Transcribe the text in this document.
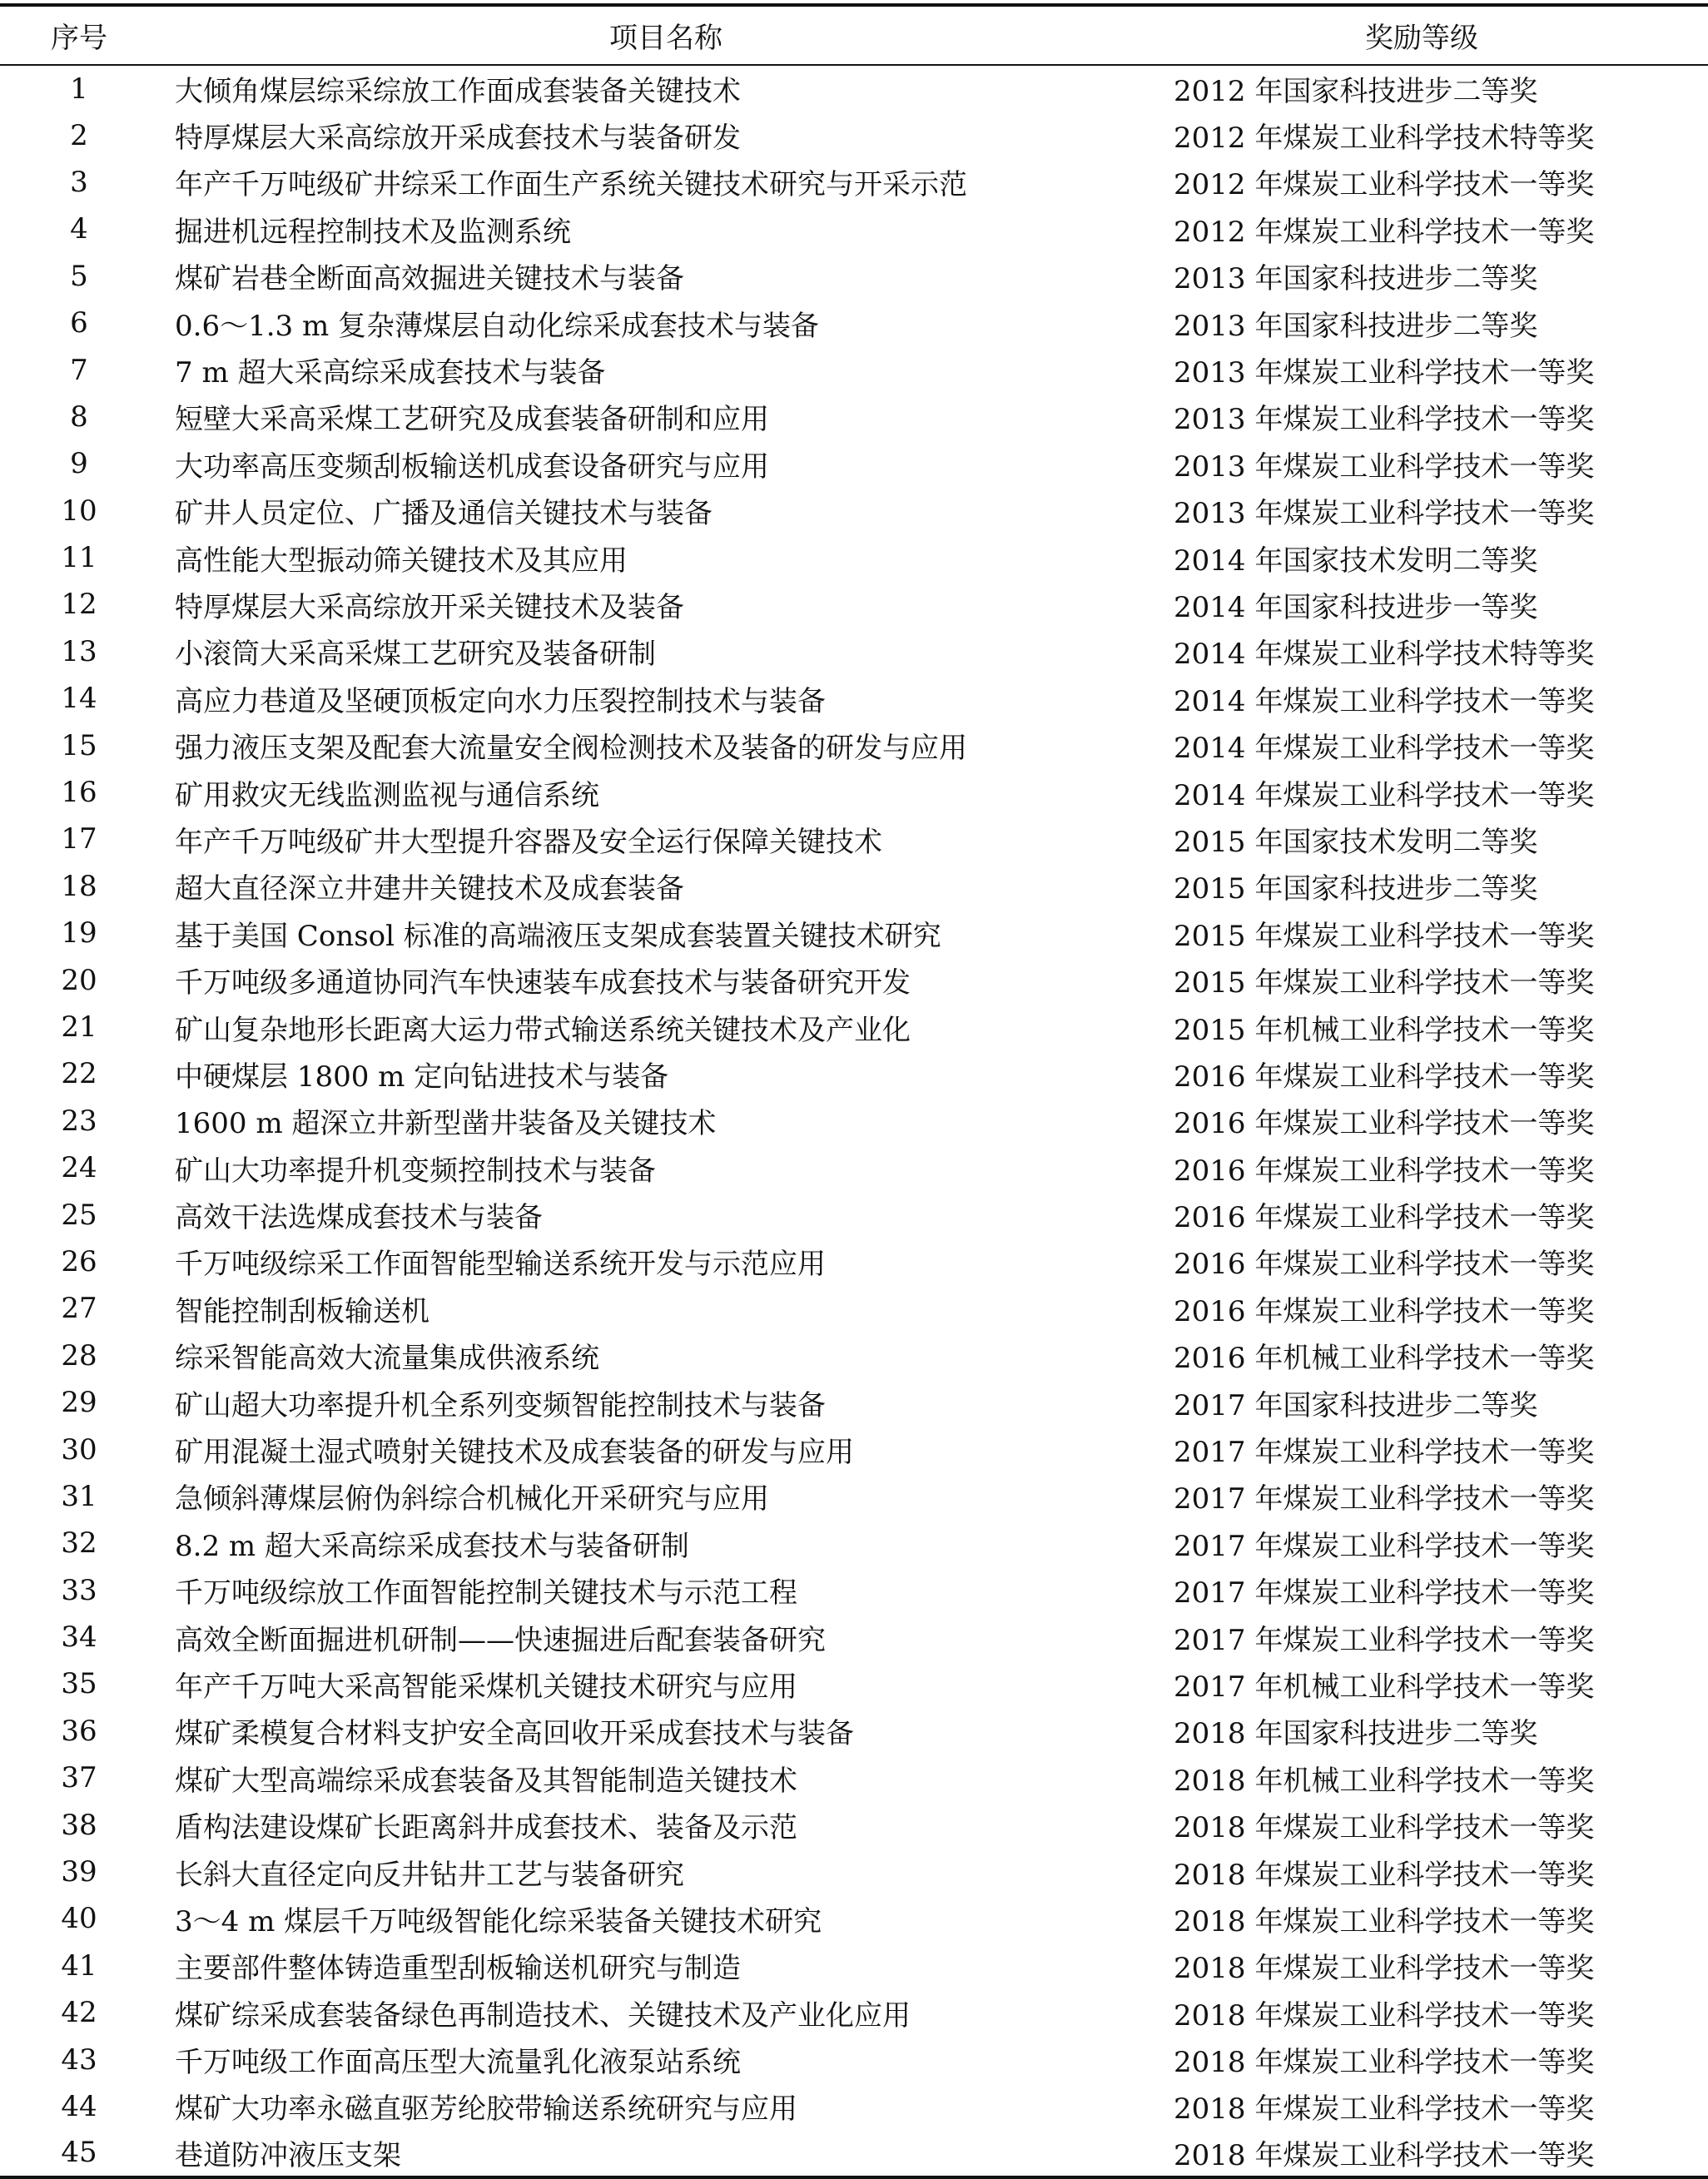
序号	项目名称	奖励等级
1	大倾角煤层综采综放工作面成套装备关键技术	2012 年国家科技进步二等奖
2	特厚煤层大采高综放开采成套技术与装备研发	2012 年煤炭工业科学技术特等奖
3	年产千万吨级矿井综采工作面生产系统关键技术研究与开采示范	2012 年煤炭工业科学技术一等奖
4	掘进机远程控制技术及监测系统	2012 年煤炭工业科学技术一等奖
5	煤矿岩巷全断面高效掘进关键技术与装备	2013 年国家科技进步二等奖
6	0.6～1.3 m 复杂薄煤层自动化综采成套技术与装备	2013 年国家科技进步二等奖
7	7 m 超大采高综采成套技术与装备	2013 年煤炭工业科学技术一等奖
8	短壁大采高采煤工艺研究及成套装备研制和应用	2013 年煤炭工业科学技术一等奖
9	大功率高压变频刮板输送机成套设备研究与应用	2013 年煤炭工业科学技术一等奖
10	矿井人员定位、广播及通信关键技术与装备	2013 年煤炭工业科学技术一等奖
11	高性能大型振动筛关键技术及其应用	2014 年国家技术发明二等奖
12	特厚煤层大采高综放开采关键技术及装备	2014 年国家科技进步一等奖
13	小滚筒大采高采煤工艺研究及装备研制	2014 年煤炭工业科学技术特等奖
14	高应力巷道及坚硬顶板定向水力压裂控制技术与装备	2014 年煤炭工业科学技术一等奖
15	强力液压支架及配套大流量安全阀检测技术及装备的研发与应用	2014 年煤炭工业科学技术一等奖
16	矿用救灾无线监测监视与通信系统	2014 年煤炭工业科学技术一等奖
17	年产千万吨级矿井大型提升容器及安全运行保障关键技术	2015 年国家技术发明二等奖
18	超大直径深立井建井关键技术及成套装备	2015 年国家科技进步二等奖
19	基于美国 Consol 标准的高端液压支架成套装置关键技术研究	2015 年煤炭工业科学技术一等奖
20	千万吨级多通道协同汽车快速装车成套技术与装备研究开发	2015 年煤炭工业科学技术一等奖
21	矿山复杂地形长距离大运力带式输送系统关键技术及产业化	2015 年机械工业科学技术一等奖
22	中硬煤层 1800 m 定向钻进技术与装备	2016 年煤炭工业科学技术一等奖
23	1600 m 超深立井新型凿井装备及关键技术	2016 年煤炭工业科学技术一等奖
24	矿山大功率提升机变频控制技术与装备	2016 年煤炭工业科学技术一等奖
25	高效干法选煤成套技术与装备	2016 年煤炭工业科学技术一等奖
26	千万吨级综采工作面智能型输送系统开发与示范应用	2016 年煤炭工业科学技术一等奖
27	智能控制刮板输送机	2016 年煤炭工业科学技术一等奖
28	综采智能高效大流量集成供液系统	2016 年机械工业科学技术一等奖
29	矿山超大功率提升机全系列变频智能控制技术与装备	2017 年国家科技进步二等奖
30	矿用混凝土湿式喷射关键技术及成套装备的研发与应用	2017 年煤炭工业科学技术一等奖
31	急倾斜薄煤层俯伪斜综合机械化开采研究与应用	2017 年煤炭工业科学技术一等奖
32	8.2 m 超大采高综采成套技术与装备研制	2017 年煤炭工业科学技术一等奖
33	千万吨级综放工作面智能控制关键技术与示范工程	2017 年煤炭工业科学技术一等奖
34	高效全断面掘进机研制——快速掘进后配套装备研究	2017 年煤炭工业科学技术一等奖
35	年产千万吨大采高智能采煤机关键技术研究与应用	2017 年机械工业科学技术一等奖
36	煤矿柔模复合材料支护安全高回收开采成套技术与装备	2018 年国家科技进步二等奖
37	煤矿大型高端综采成套装备及其智能制造关键技术	2018 年机械工业科学技术一等奖
38	盾构法建设煤矿长距离斜井成套技术、装备及示范	2018 年煤炭工业科学技术一等奖
39	长斜大直径定向反井钻井工艺与装备研究	2018 年煤炭工业科学技术一等奖
40	3～4 m 煤层千万吨级智能化综采装备关键技术研究	2018 年煤炭工业科学技术一等奖
41	主要部件整体铸造重型刮板输送机研究与制造	2018 年煤炭工业科学技术一等奖
42	煤矿综采成套装备绿色再制造技术、关键技术及产业化应用	2018 年煤炭工业科学技术一等奖
43	千万吨级工作面高压型大流量乳化液泵站系统	2018 年煤炭工业科学技术一等奖
44	煤矿大功率永磁直驱芳纶胶带输送系统研究与应用	2018 年煤炭工业科学技术一等奖
45	巷道防冲液压支架	2018 年煤炭工业科学技术一等奖
